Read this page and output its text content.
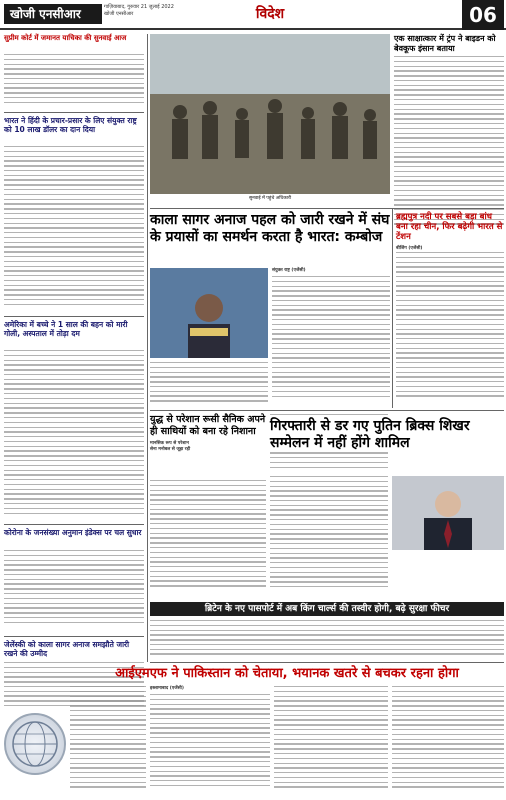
खोजी एनसीआर	गाज़ियाबाद, गुरुवार 21 जुलाई 2022
खोजी एनसीआर	विदेश	06
सुप्रीम कोर्ट में जमानत याचिका की सुनवाई आज
भारत ने हिंदी के प्रचार-प्रसार के लिए संयुक्त राष्ट्र को 10 लाख डॉलर का दान दिया
अमेरिका में बच्चे ने 1 साल की बहन को मारी गोली, अस्पताल में तोड़ा दम
कोरोना के जनसंख्या अनुमान इंडेक्स पर चल सुधार
जेलेंस्की को काला सागर अनाज समझौते जारी रखने की उम्मीद
सुनवाई में पहुंचे अधिकारी
एक साक्षात्कार में ट्रंप ने बाइडन को बेवकूफ इंसान बताया
काला सागर अनाज पहल को जारी रखने में संघ के प्रयासों का समर्थन करता है भारत: कम्बोज
संयुक्त राष्ट्र (एजेंसी)
ब्रह्मपुत्र नदी पर सबसे बड़ा बांध बना रहा चीन, फिर बढ़ेगी भारत से टेंशन
बीजिंग (एजेंसी)
युद्ध से परेशान रूसी सैनिक अपने ही साथियों को बना रहे निशाना
मानसिक रूप से परेशान
सेना मनोबल से जूझ रही
गिरफ्तारी से डर गए पुतिन ब्रिक्स शिखर सम्मेलन में नहीं होंगे शामिल
ब्रिटेन के नए पासपोर्ट में अब किंग चार्ल्स की तस्वीर होगी, बढ़े सुरक्षा फीचर
आईएमएफ ने पाकिस्तान को चेताया, भयानक खतरे से बचकर रहना होगा
इस्लामाबाद (एजेंसी)
